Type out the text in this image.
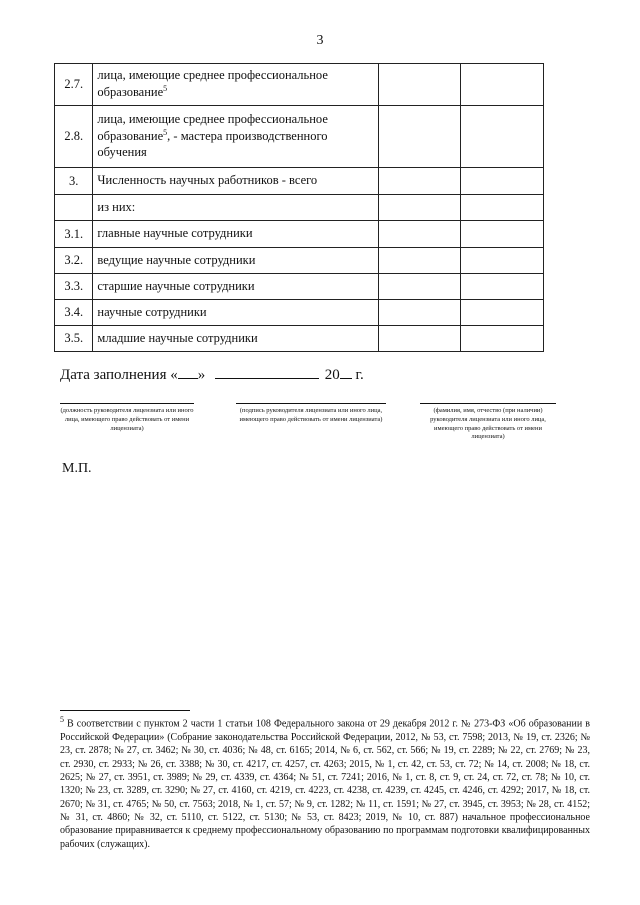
3
2.7.	лица, имеющие среднее профессиональное образование$^5$		
2.8.	лица, имеющие среднее профессиональное образование$^5$, - мастера производственного обучения		
3.	Численность научных работников - всего		
	из них:		
3.1.	главные научные сотрудники		
3.2.	ведущие научные сотрудники		
3.3.	старшие научные сотрудники		
3.4.	научные сотрудники		
3.5.	младшие научные сотрудники		
Дата заполнения « »	20 г.
(должность руководителя лицензиата или иного лица, имеющего право действовать от имени лицензиата)
(подпись руководителя лицензиата или иного лица, имеющего право действовать от имени лицензиата)
(фамилия, имя, отчество (при наличии) руководителя лицензиата или иного лица, имеющего право действовать от имени лицензиата)
М.П.
$^5$ В соответствии с пунктом 2 части 1 статьи 108 Федерального закона от 29 декабря 2012 г. № 273-ФЗ «Об образовании в Российской Федерации» (Собрание законодательства Российской Федерации, 2012, № 53, ст. 7598; 2013, № 19, ст. 2326; № 23, ст. 2878; № 27, ст. 3462; № 30, ст. 4036; № 48, ст. 6165; 2014, № 6, ст. 562, ст. 566; № 19, ст. 2289; № 22, ст. 2769; № 23, ст. 2930, ст. 2933; № 26, ст. 3388; № 30, ст. 4217, ст. 4257, ст. 4263; 2015, № 1, ст. 42, ст. 53, ст. 72; № 14, ст. 2008; № 18, ст. 2625; № 27, ст. 3951, ст. 3989; № 29, ст. 4339, ст. 4364; № 51, ст. 7241; 2016, № 1, ст. 8, ст. 9, ст. 24, ст. 72, ст. 78; № 10, ст. 1320; № 23, ст. 3289, ст. 3290; № 27, ст. 4160, ст. 4219, ст. 4223, ст. 4238, ст. 4239, ст. 4245, ст. 4246, ст. 4292; 2017, № 18, ст. 2670; № 31, ст. 4765; № 50, ст. 7563; 2018, № 1, ст. 57; № 9, ст. 1282; № 11, ст. 1591; № 27, ст. 3945, ст. 3953; № 28, ст. 4152; № 31, ст. 4860; № 32, ст. 5110, ст. 5122, ст. 5130; № 53, ст. 8423; 2019, № 10, ст. 887) начальное профессиональное образование приравнивается к среднему профессиональному образованию по программам подготовки квалифицированных рабочих (служащих).
